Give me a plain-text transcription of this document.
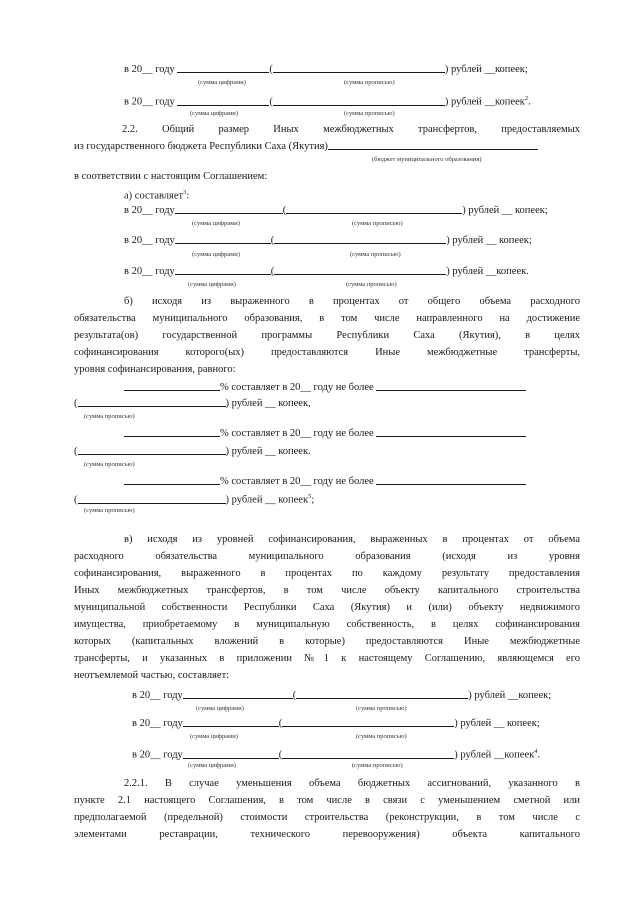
в 20__ году	(	) рублей __копеек;
(сумма цифрами)	(сумма прописью)
в 20__ году	(	) рублей __копеек$^2$.
(сумма цифрами)	(сумма прописью)
2.2. Общий размер Иных межбюджетных трансфертов, предоставляемых
из государственного бюджета Республики Саха (Якутия)
(бюджет муниципального образования)
в соответствии с настоящим Соглашением:
а) составляет$^3$:
в 20__ году	(	) рублей __ копеек;
(сумма цифрами)	(сумма прописью)
в 20__ году	(	) рублей __ копеек;
(сумма цифрами)	(сумма прописью)
в 20__ году	(	) рублей __копеек.
(сумма цифрами)	(сумма прописью)
б) исходя из выраженного в процентах от общего объема расходного
обязательства муниципального образования, в том числе направленного на достижение
результата(ов) государственной программы Республики Саха (Якутия), в целях
софинансирования которого(ых) предоставляются Иные межбюджетные трансферты,
уровня софинансирования, равного:
% составляет в 20__ году не более
(	) рублей __ копеек,
(сумма прописью)
% составляет в 20__ году не более
(	) рублей __ копеек.
(сумма прописью)
% составляет в 20__ году не более
(	) рублей __ копеек$^5$;
(сумма прописью)
в) исходя из уровней софинансирования, выраженных в процентах от объема
расходного обязательства муниципального образования (исходя из уровня
софинансирования, выраженного в процентах по каждому результату предоставления
Иных межбюджетных трансфертов, в том числе объекту капитального строительства
муниципальной собственности Республики Саха (Якутия) и (или) объекту недвижимого
имущества, приобретаемому в муниципальную собственность, в целях софинансирования
которых (капитальных вложений в которые) предоставляются Иные межбюджетные
трансферты, и указанных в приложении №1 к настоящему Соглашению, являющемся его
неотъемлемой частью, составляет:
в 20__ году	(	) рублей __копеек;
(сумма цифрами)	(сумма прописью)
в 20__ году	(	) рублей __ копеек;
(сумма цифрами)	(сумма прописью)
в 20__ году	(	) рублей __копеек$^4$.
(сумма цифрами)	(сумма прописью)
2.2.1. В случае уменьшения объема бюджетных ассигнований, указанного в
пункте 2.1 настоящего Соглашения, в том числе в связи с уменьшением сметной или
предполагаемой (предельной) стоимости строительства (реконструкции, в том числе с
элементами реставрации, технического перевооружения) объекта капитального
